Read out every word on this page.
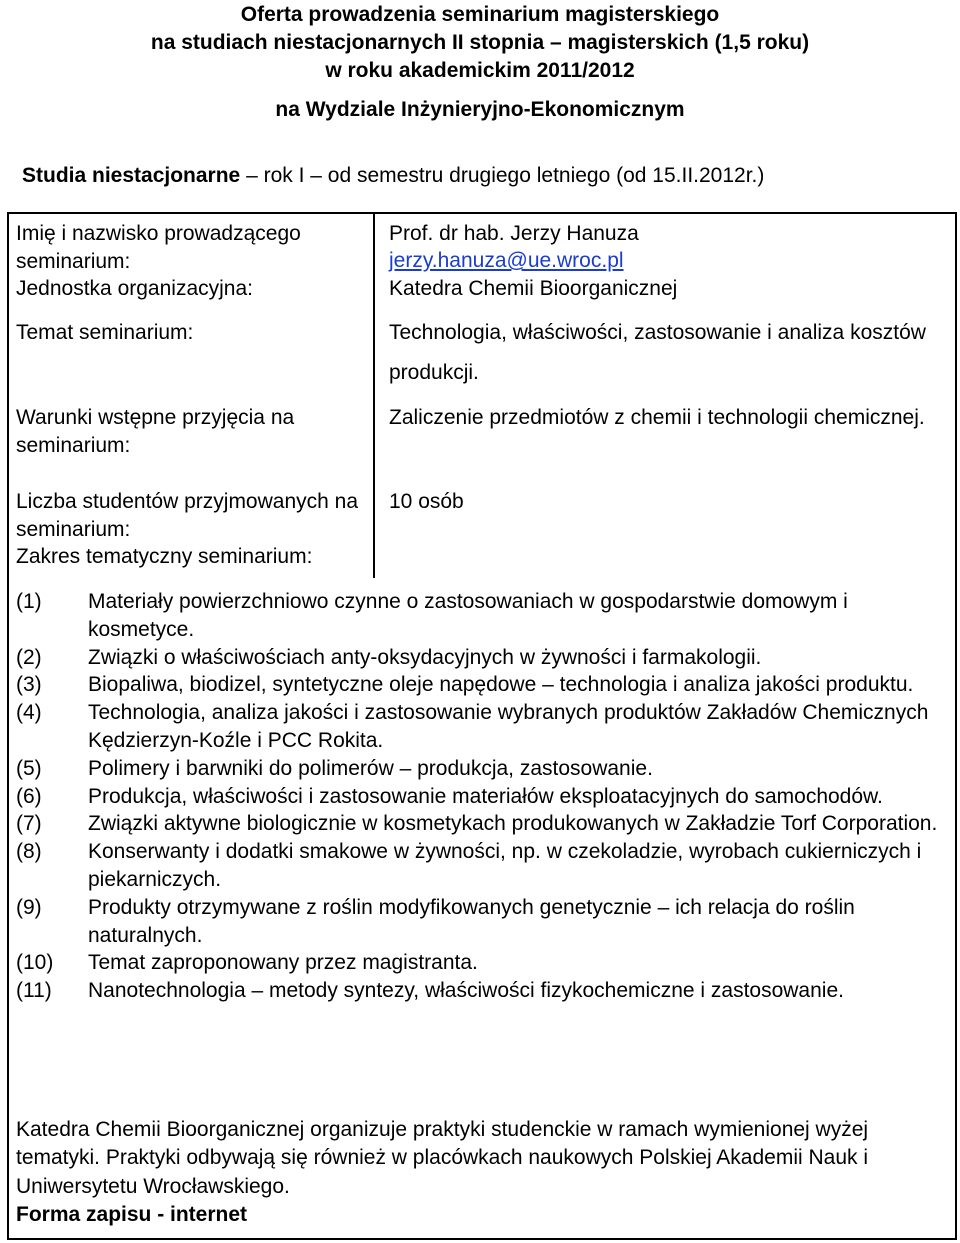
Oferta prowadzenia seminarium magisterskiego
na studiach niestacjonarnych II stopnia – magisterskich (1,5 roku)
w roku akademickim 2011/2012
na Wydziale Inżynieryjno-Ekonomicznym
Studia niestacjonarne – rok I – od semestru drugiego letniego (od 15.II.2012r.)
Imię i nazwisko prowadzącego seminarium:
Prof. dr hab. Jerzy Hanuza
jerzy.hanuza@ue.wroc.pl
Jednostka organizacyjna:	Katedra Chemii Bioorganicznej
Temat seminarium:	Technologia, właściwości, zastosowanie i analiza kosztów produkcji.
Warunki wstępne przyjęcia na seminarium:
Zaliczenie przedmiotów z chemii i technologii chemicznej.
Liczba studentów przyjmowanych na seminarium:
10 osób
Zakres tematyczny seminarium:
(1) Materiały powierzchniowo czynne o zastosowaniach w gospodarstwie domowym i kosmetyce.
(2) Związki o właściwościach anty-oksydacyjnych w żywności i farmakologii.
(3) Biopaliwa, biodizel, syntetyczne oleje napędowe – technologia i analiza jakości produktu.
(4) Technologia, analiza jakości i zastosowanie wybranych produktów Zakładów Chemicznych Kędzierzyn-Koźle i PCC Rokita.
(5) Polimery i barwniki do polimerów – produkcja, zastosowanie.
(6) Produkcja, właściwości i zastosowanie materiałów eksploatacyjnych do samochodów.
(7) Związki aktywne biologicznie w kosmetykach produkowanych w Zakładzie Torf Corporation.
(8) Konserwanty i dodatki smakowe w żywności, np. w czekoladzie, wyrobach cukierniczych i piekarniczych.
(9) Produkty otrzymywane z roślin modyfikowanych genetycznie – ich relacja do roślin naturalnych.
(10) Temat zaproponowany przez magistranta.
(11) Nanotechnologia – metody syntezy, właściwości fizykochemiczne i zastosowanie.
Katedra Chemii Bioorganicznej organizuje praktyki studenckie w ramach wymienionej wyżej tematyki. Praktyki odbywają się również w placówkach naukowych Polskiej Akademii Nauk i Uniwersytetu Wrocławskiego.
Forma zapisu - internet
